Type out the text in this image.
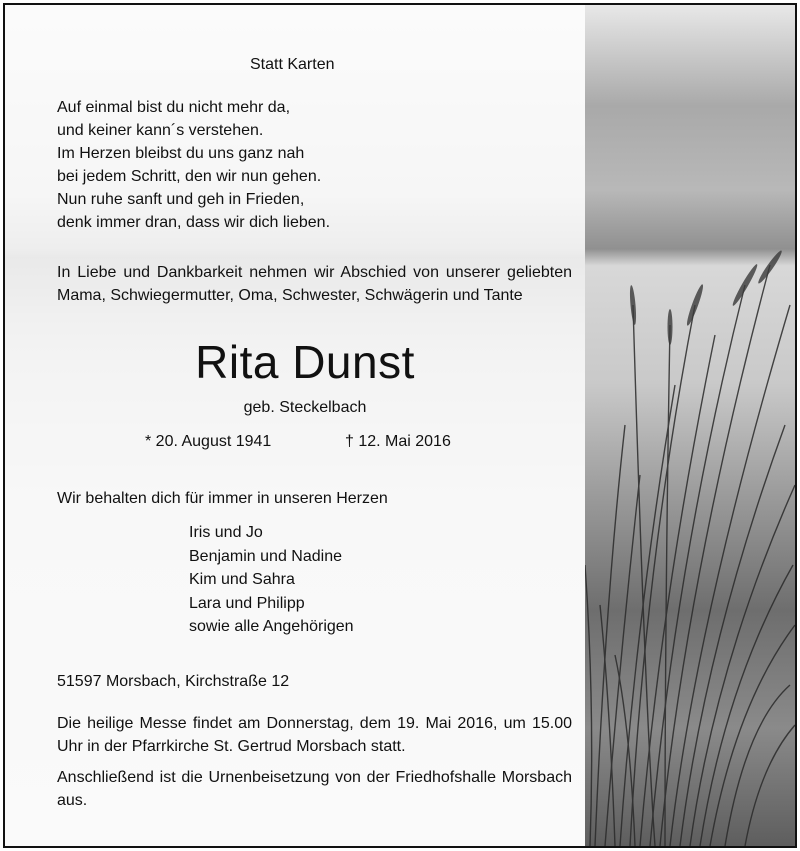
Statt Karten

Auf einmal bist du nicht mehr da,
und keiner kann´s verstehen.
Im Herzen bleibst du uns ganz nah
bei jedem Schritt, den wir nun gehen.
Nun ruhe sanft und geh in Frieden,
denk immer dran, dass wir dich lieben.

In Liebe und Dankbarkeit nehmen wir Abschied von unserer geliebten Mama, Schwiegermutter, Oma, Schwester, Schwägerin und Tante

Rita Dunst

geb. Steckelbach

* 20. August 1941	† 12. Mai 2016

Wir behalten dich für immer in unseren Herzen

Iris und Jo
Benjamin und Nadine
Kim und Sahra
Lara und Philipp
sowie alle Angehörigen

51597 Morsbach, Kirchstraße 12

Die heilige Messe findet am Donnerstag, dem 19. Mai 2016, um 15.00 Uhr in der Pfarrkirche St. Gertrud Morsbach statt.

Anschließend ist die Urnenbeisetzung von der Friedhofshalle Morsbach aus.
